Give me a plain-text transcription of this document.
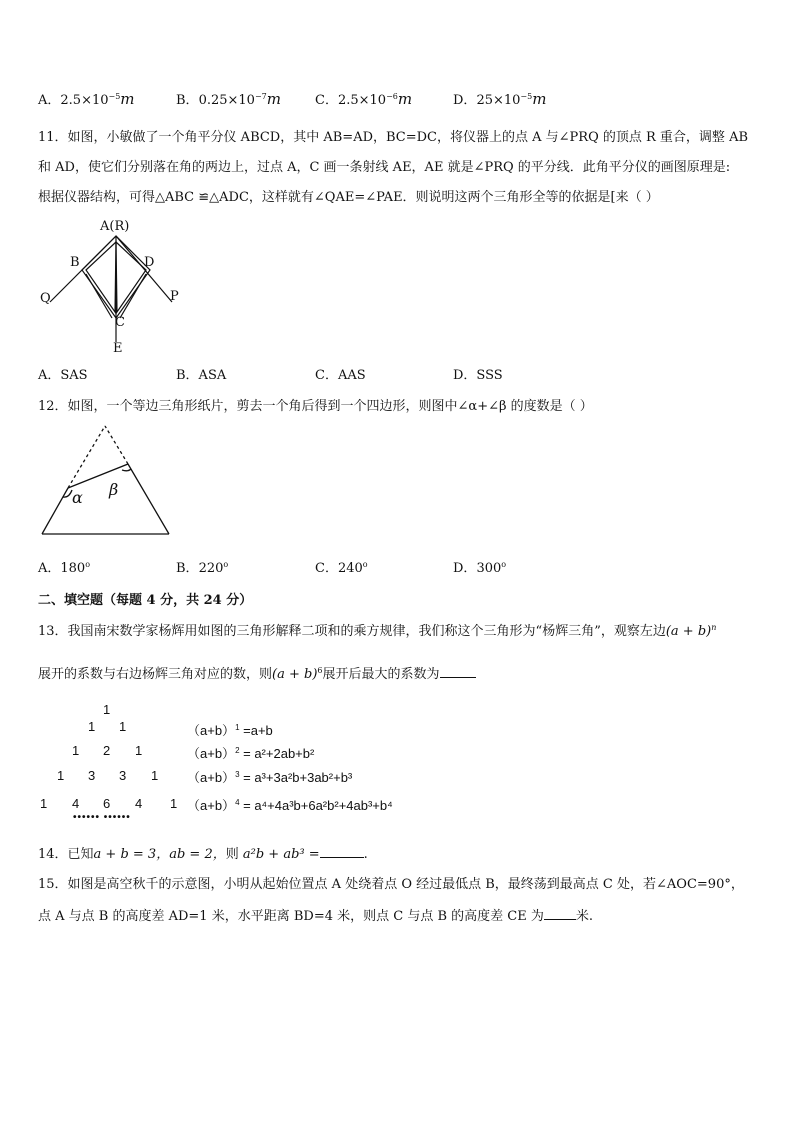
A．$2.5\times 10^{-5}m$	B．$0.25\times 10^{-7}m$	C．$2.5\times 10^{-6}m$	D．$25\times 10^{-5}m$
11．如图，小敏做了一个角平分仪 ABCD，其中 AB=AD，BC=DC，将仪器上的点 A 与∠PRQ 的顶点 R 重合，调整 AB
和 AD，使它们分别落在角的两边上，过点 A，C 画一条射线 AE，AE 就是∠PRQ 的平分线．此角平分仪的画图原理是:
根据仪器结构，可得△ABC ≌△ADC，这样就有∠QAE=∠PAE．则说明这两个三角形全等的依据是[来（ ）
A(R)
B	D
Q	P
C
E
A．SAS	B．ASA	C．AAS	D．SSS
12．如图，一个等边三角形纸片，剪去一个角后得到一个四边形，则图中∠α+∠β 的度数是（ ）
α β
A．180$^o$	B．220$^o$	C．240$^o$	D．300$^o$
二、填空题（每题 4 分，共 24 分）
13．我国南宋数学家杨辉用如图的三角形解释二项和的乘方规律，我们称这个三角形为“杨辉三角”，观察左边$(a + b)^n$
展开的系数与右边杨辉三角对应的数，则$(a + b)^6$展开后最大的系数为
1
1 1
1 2 1
1 3 3 1
1 4 6 4 1
•••••• ••••••
$(a+b)^1 =a+b$
$(a+b)^2 = a^2+2ab+b^2$
$(a+b)^3 = a^3+3a^2b+3ab^2+b^3$
$(a+b)^4 = a^4+4a^3b+6a^2b^2+4ab^3+b^4$
14．已知a + b = 3，ab = 2，则 a²b + ab³ =	.
15．如图是高空秋千的示意图，小明从起始位置点 A 处绕着点 O 经过最低点 B，最终荡到最高点 C 处，若∠AOC=90°，
点 A 与点 B 的高度差 AD=1 米，水平距离 BD=4 米，则点 C 与点 B 的高度差 CE 为 米.
